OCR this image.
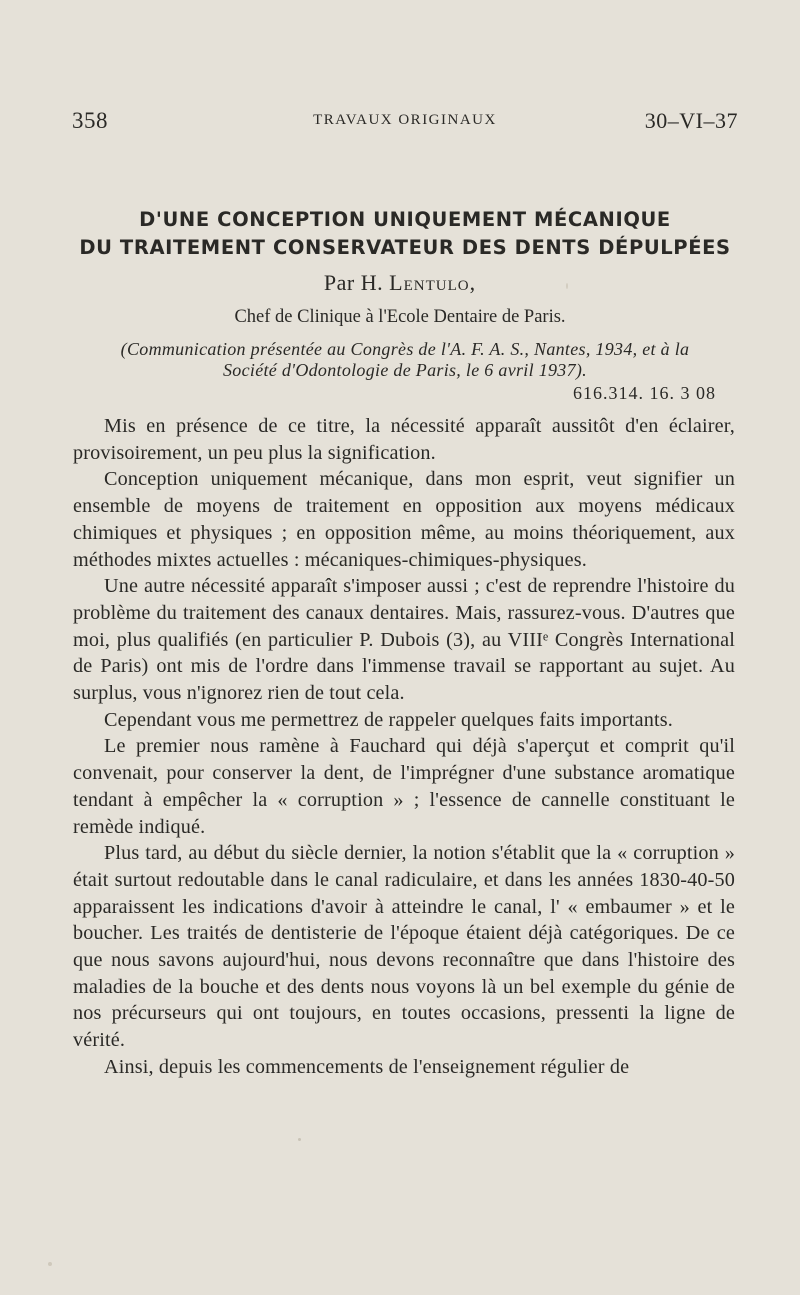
358	TRAVAUX ORIGINAUX	30–VI–37
D'UNE CONCEPTION UNIQUEMENT MÉCANIQUE
DU TRAITEMENT CONSERVATEUR DES DENTS DÉPULPÉES
Par H. Lentulo,
Chef de Clinique à l'Ecole Dentaire de Paris.
(Communication présentée au Congrès de l'A. F. A. S., Nantes, 1934, et à la
Société d'Odontologie de Paris, le 6 avril 1937).
616.314. 16. 3 08

Mis en présence de ce titre, la nécessité apparaît aussitôt d'en éclairer, provisoirement, un peu plus la signification.

Conception uniquement mécanique, dans mon esprit, veut signifier un ensemble de moyens de traitement en opposition aux moyens médicaux chimiques et physiques ; en opposition même, au moins théoriquement, aux méthodes mixtes actuelles : mécaniques-chimiques-physiques.

Une autre nécessité apparaît s'imposer aussi ; c'est de reprendre l'histoire du problème du traitement des canaux dentaires. Mais, rassurez-vous. D'autres que moi, plus qualifiés (en particulier P. Dubois (3), au VIIIᵉ Congrès International de Paris) ont mis de l'ordre dans l'immense travail se rapportant au sujet. Au surplus, vous n'ignorez rien de tout cela.

Cependant vous me permettrez de rappeler quelques faits importants.

Le premier nous ramène à Fauchard qui déjà s'aperçut et comprit qu'il convenait, pour conserver la dent, de l'imprégner d'une substance aromatique tendant à empêcher la « corruption » ; l'essence de cannelle constituant le remède indiqué.

Plus tard, au début du siècle dernier, la notion s'établit que la « corruption » était surtout redoutable dans le canal radiculaire, et dans les années 1830-40-50 apparaissent les indications d'avoir à atteindre le canal, l' « embaumer » et le boucher. Les traités de dentisterie de l'époque étaient déjà catégoriques. De ce que nous savons aujourd'hui, nous devons reconnaître que dans l'histoire des maladies de la bouche et des dents nous voyons là un bel exemple du génie de nos précurseurs qui ont toujours, en toutes occasions, pressenti la ligne de vérité.

Ainsi, depuis les commencements de l'enseignement régulier de
